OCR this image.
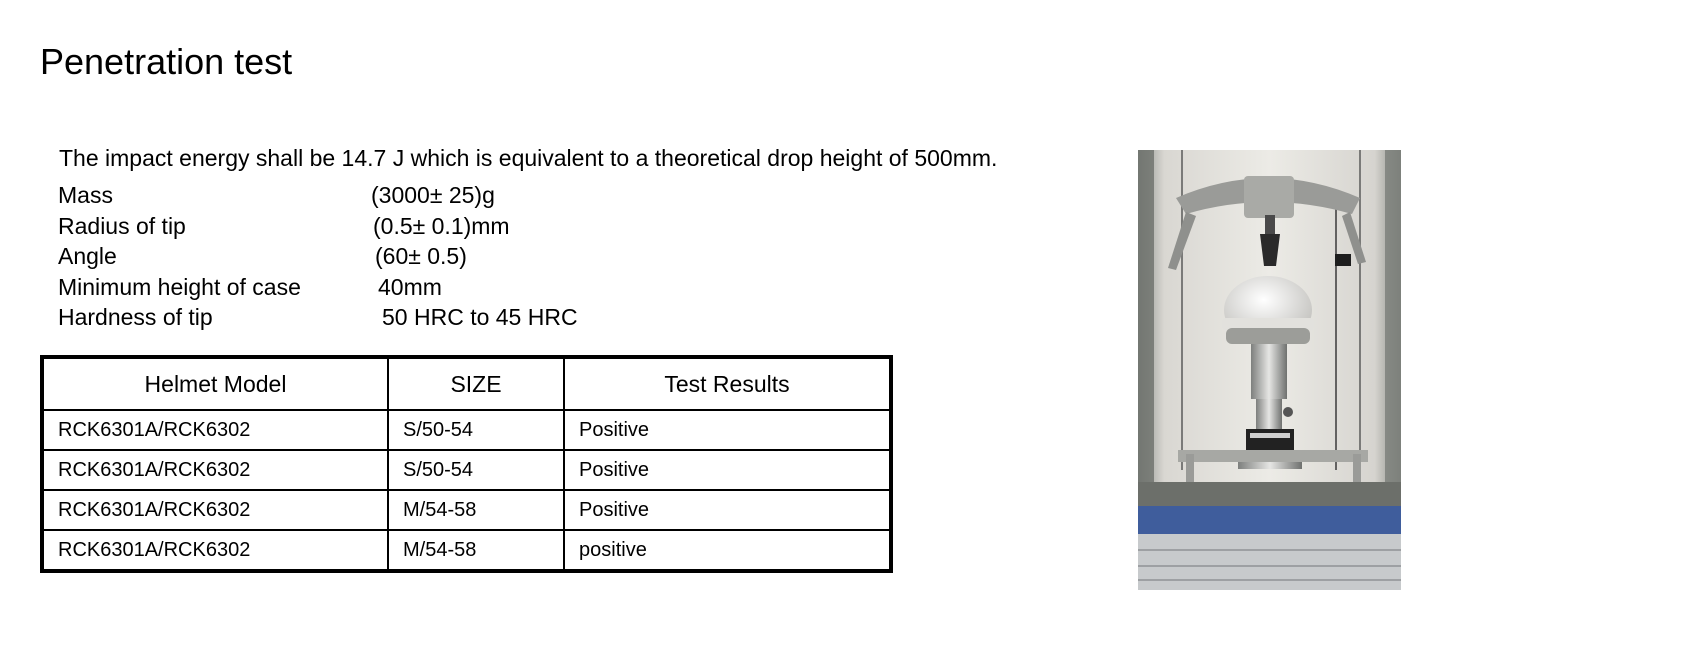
Penetration test
The impact energy shall be 14.7 J which is equivalent to a theoretical drop height of 500mm.
Mass	(3000± 25)g
Radius of tip	(0.5± 0.1)mm
Angle	(60± 0.5)
Minimum height of case	40mm
Hardness of tip	50 HRC to 45 HRC
Helmet Model	SIZE	Test Results
RCK6301A/RCK6302	S/50-54	Positive
RCK6301A/RCK6302	S/50-54	Positive
RCK6301A/RCK6302	M/54-58	Positive
RCK6301A/RCK6302	M/54-58	positive
